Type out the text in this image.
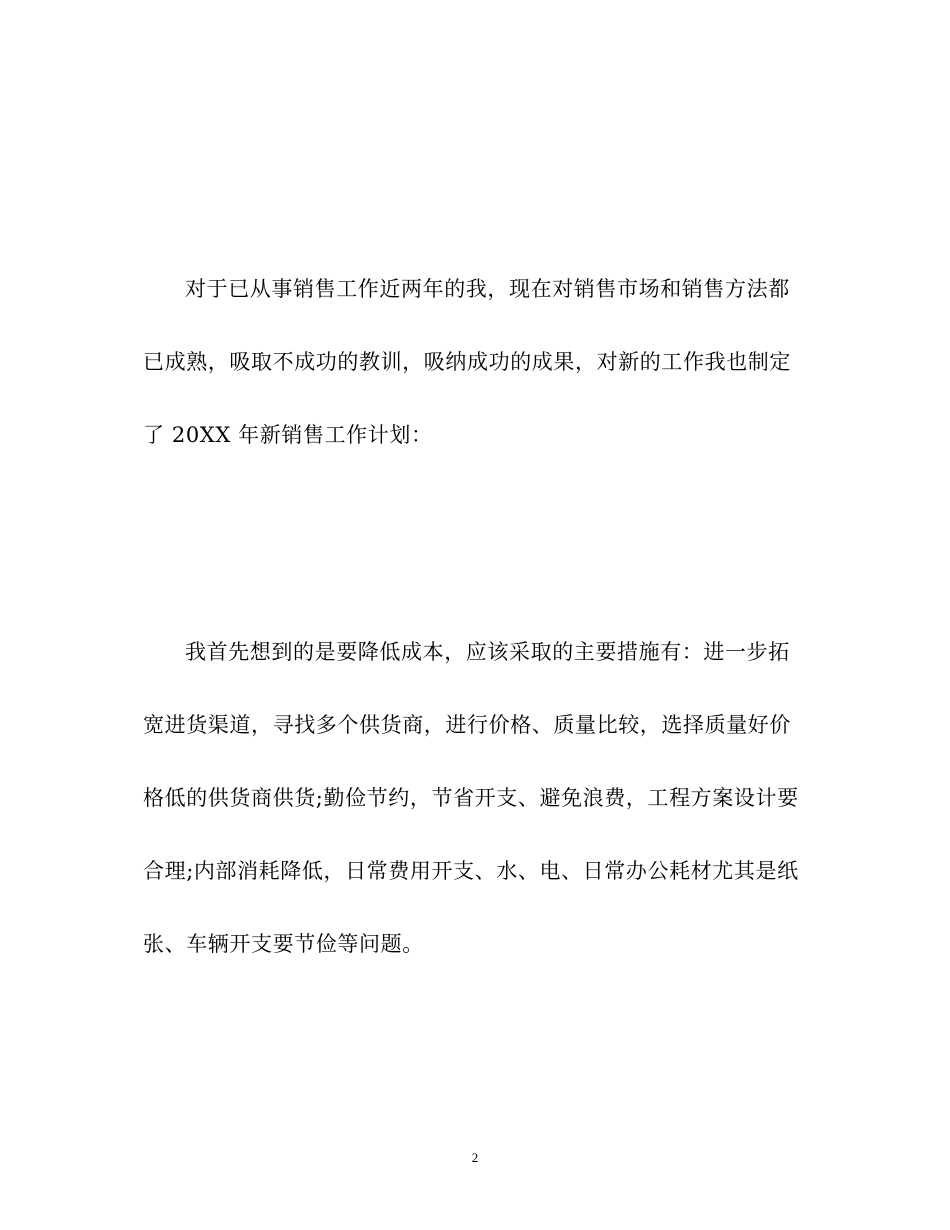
对于已从事销售工作近两年的我，现在对销售市场和销售方法都
已成熟，吸取不成功的教训，吸纳成功的成果，对新的工作我也制定
了 20XX 年新销售工作计划：
我首先想到的是要降低成本，应该采取的主要措施有：进一步拓
宽进货渠道，寻找多个供货商，进行价格、质量比较，选择质量好价
格低的供货商供货;勤俭节约，节省开支、避免浪费，工程方案设计要
合理;内部消耗降低，日常费用开支、水、电、日常办公耗材尤其是纸
张、车辆开支要节俭等问题。
2
